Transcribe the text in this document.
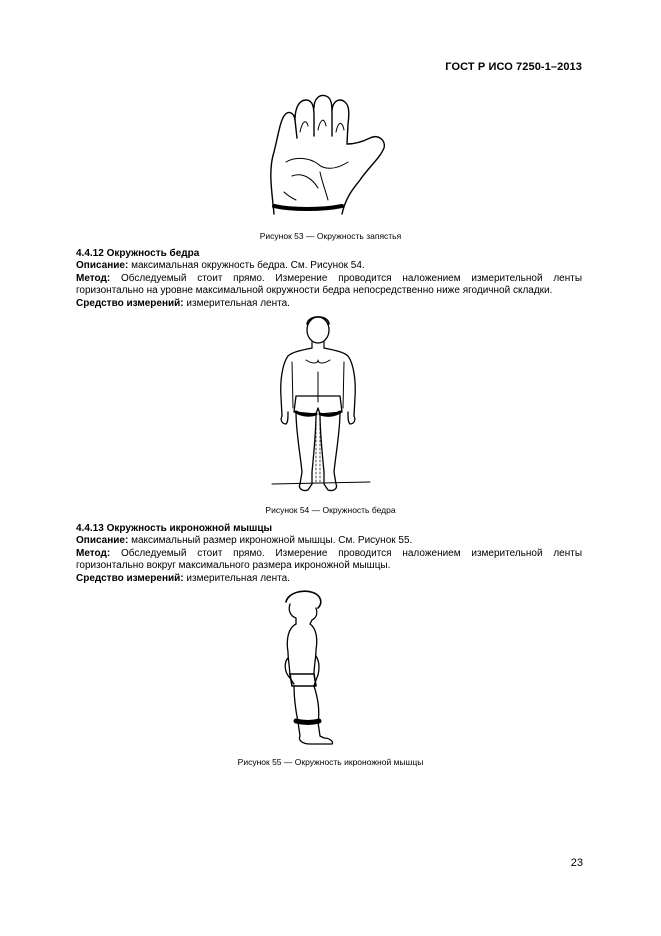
ГОСТ Р ИСО 7250-1–2013
Рисунок 53 — Окружность запястья

4.4.12 Окружность бедра

Описание: максимальная окружность бедра. См. Рисунок 54.

Метод: Обследуемый стоит прямо. Измерение проводится наложением измерительной ленты горизонтально на уровне максимальной окружности бедра непосредственно ниже ягодичной складки.

Средство измерений: измерительная лента.

Рисунок 54 — Окружность бедра

4.4.13 Окружность икроножной мышцы

Описание: максимальный размер икроножной мышцы. См. Рисунок 55.

Метод: Обследуемый стоит прямо. Измерение проводится наложением измерительной ленты горизонтально вокруг максимального размера икроножной мышцы.

Средство измерений: измерительная лента.

Рисунок 55 — Окружность икроножной мышцы
23
